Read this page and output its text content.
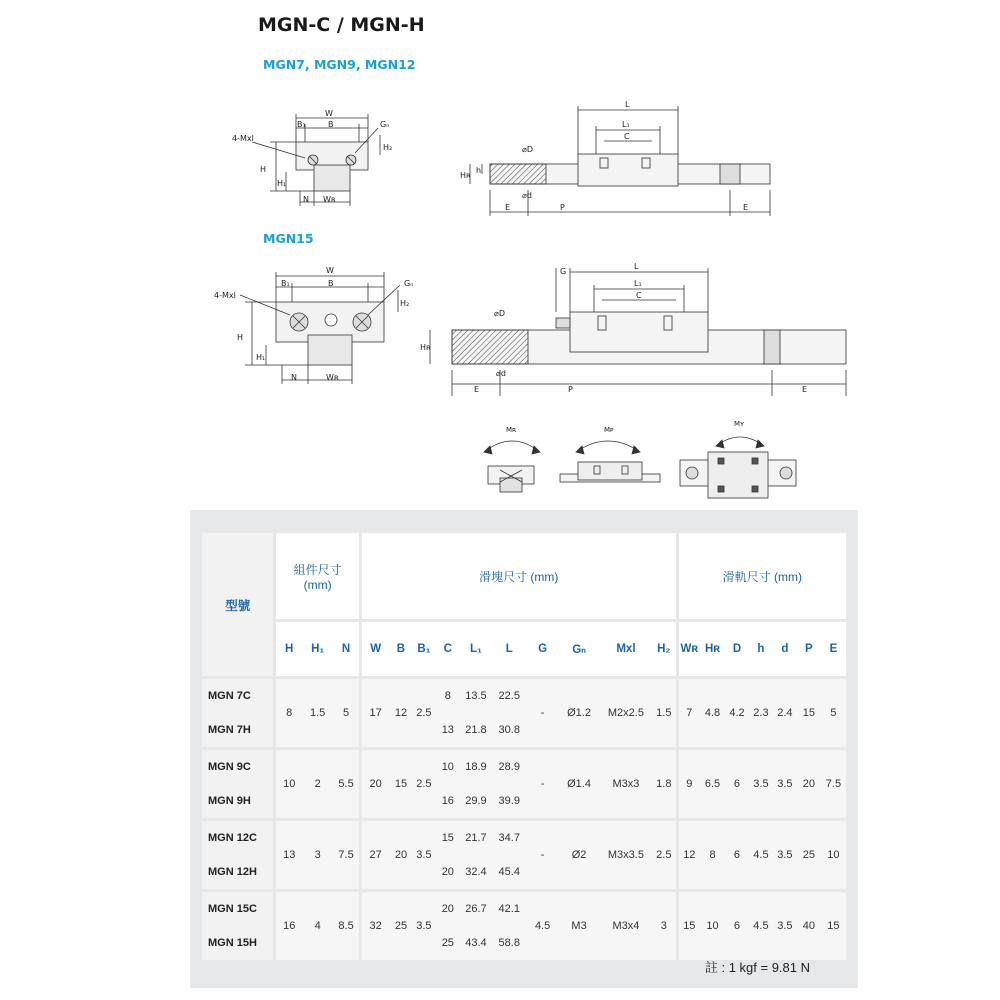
MGN-C / MGN-H
MGN7, MGN9, MGN12
MGN15
W
B₁	B	Gₙ
4-Mxl
H₂
H
H₁
N Wʀ
L
L₁
C
⌀D
Hʀ
h
⌀d
E	P	E
W
B₁	B	Gₙ
4-Mxl
H₂
H
H₁
N	Wʀ
G
L
L₁
C
⌀D
Hʀ
⌀d
E	P	E
Mʀ	Mᴘ
Mʏ
型號	組件尺寸
(mm)			滑塊尺寸 (mm)										滑軌尺寸 (mm)						
	H	H₁	N	W	B	B₁	C	L₁	L	G	Gₙ	Mxl	H₂	Wʀ	Hʀ	D	h	d	P	E
MGN 7C	8	1.5	5	17	12	2.5	8	13.5	22.5	-	Ø1.2	M2x2.5	1.5	7	4.8	4.2	2.3	2.4	15	5
MGN 7H							13	21.8	30.8											
MGN 9C	10	2	5.5	20	15	2.5	10	18.9	28.9	-	Ø1.4	M3x3	1.8	9	6.5	6	3.5	3.5	20	7.5
MGN 9H							16	29.9	39.9											
MGN 12C	13	3	7.5	27	20	3.5	15	21.7	34.7	-	Ø2	M3x3.5	2.5	12	8	6	4.5	3.5	25	10
MGN 12H							20	32.4	45.4											
MGN 15C	16	4	8.5	32	25	3.5	20	26.7	42.1	4.5	M3	M3x4	3	15	10	6	4.5	3.5	40	15
MGN 15H							25	43.4	58.8											
註 : 1 kgf = 9.81 N
